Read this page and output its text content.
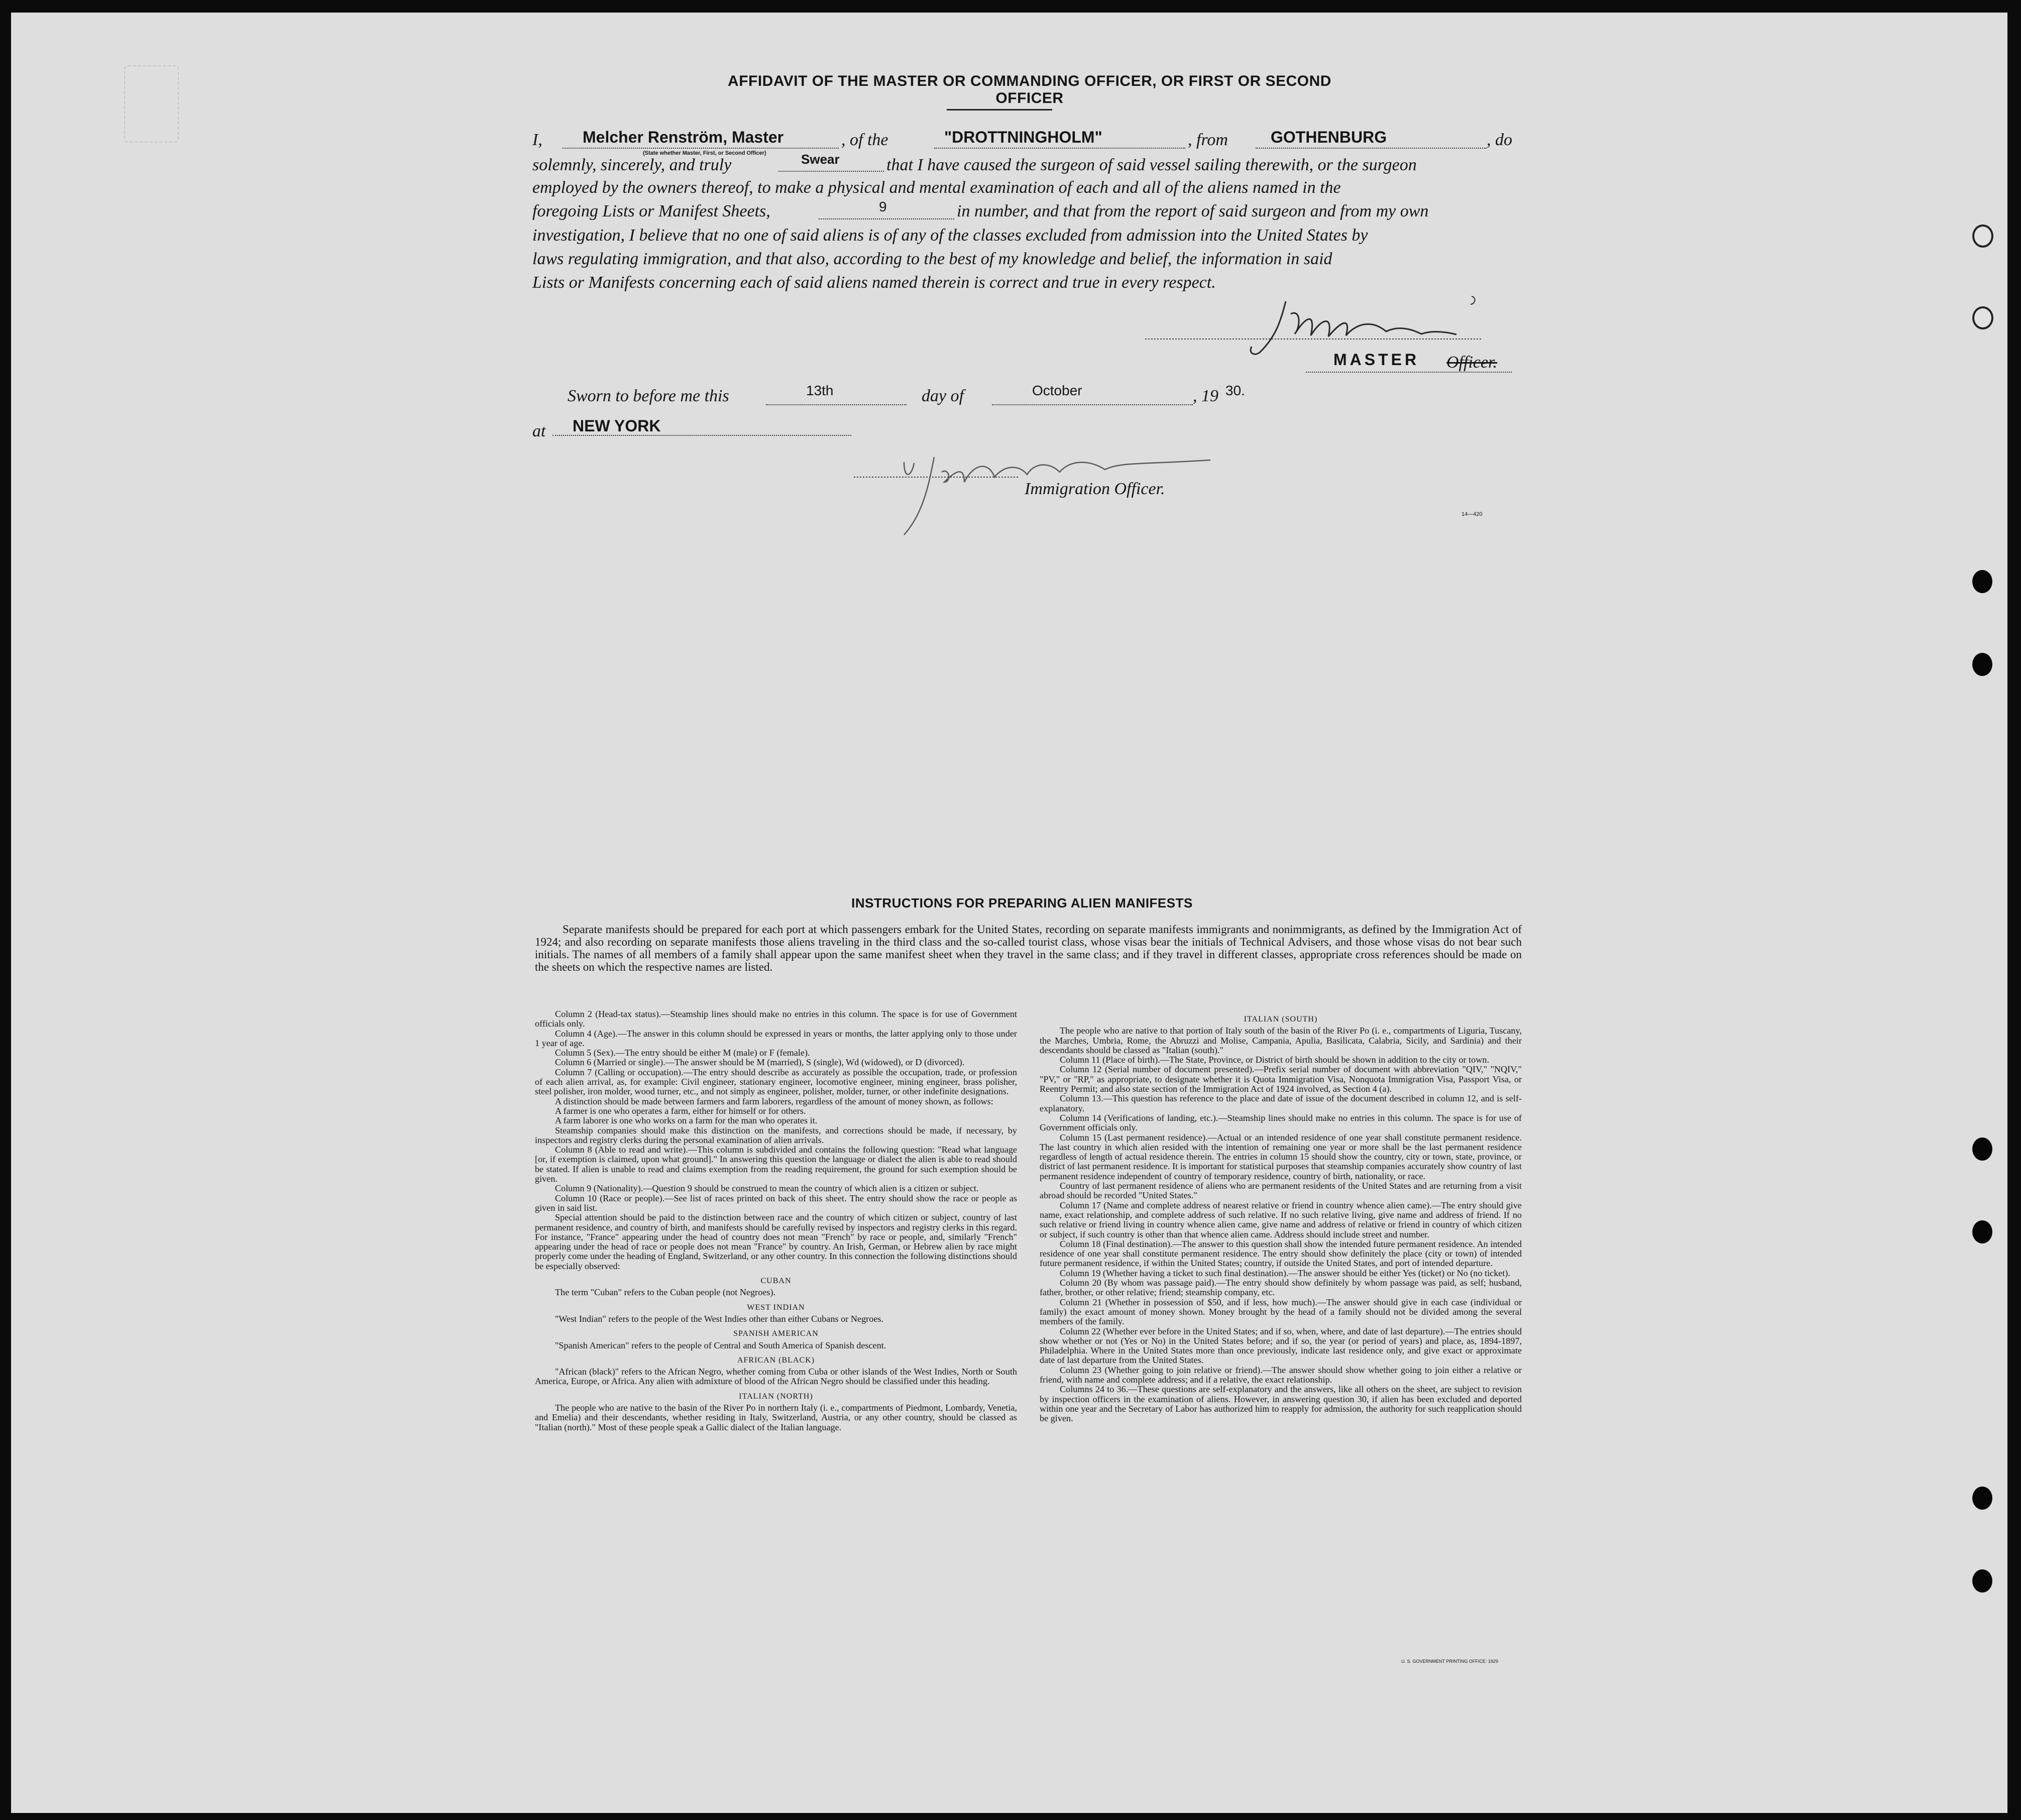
AFFIDAVIT OF THE MASTER OR COMMANDING OFFICER, OR FIRST OR SECOND OFFICER
I,	Melcher Renström, Master
(State whether Master, First, or Second Officer)
, of the	"DROTTNINGHOLM"	, from	GOTHENBURG	, do
solemnly, sincerely, and truly	Swear	that I have caused the surgeon of said vessel sailing therewith, or the surgeon
employed by the owners thereof, to make a physical and mental examination of each and all of the aliens named in the
foregoing Lists or Manifest Sheets,	9	in number, and that from the report of said surgeon and from my own
investigation, I believe that no one of said aliens is of any of the classes excluded from admission into the United States by
laws regulating immigration, and that also, according to the best of my knowledge and belief, the information in said
Lists or Manifests concerning each of said aliens named therein is correct and true in every respect.
MASTER Officer.
Sworn to before me this	13th	day of	October	, 19 30.
at NEW YORK
Immigration Officer.
14—420
INSTRUCTIONS FOR PREPARING ALIEN MANIFESTS
Separate manifests should be prepared for each port at which passengers embark for the United States, recording on separate manifests immigrants and nonimmigrants, as defined by the Immigration Act of 1924; and also recording on separate manifests those aliens traveling in the third class and the so-called tourist class, whose visas bear the initials of Technical Advisers, and those whose visas do not bear such initials. The names of all members of a family shall appear upon the same manifest sheet when they travel in the same class; and if they travel in different classes, appropriate cross references should be made on the sheets on which the respective names are listed.

Column 2 (Head-tax status).—Steamship lines should make no entries in this column. The space is for use of Government officials only.

Column 4 (Age).—The answer in this column should be expressed in years or months, the latter applying only to those under 1 year of age.

Column 5 (Sex).—The entry should be either M (male) or F (female).

Column 6 (Married or single).—The answer should be M (married), S (single), Wd (widowed), or D (divorced).

Column 7 (Calling or occupation).—The entry should describe as accurately as possible the occupation, trade, or profession of each alien arrival, as, for example: Civil engineer, stationary engineer, locomotive engineer, mining engineer, brass polisher, steel polisher, iron molder, wood turner, etc., and not simply as engineer, polisher, molder, turner, or other indefinite designations.

A distinction should be made between farmers and farm laborers, regardless of the amount of money shown, as follows:

A farmer is one who operates a farm, either for himself or for others.

A farm laborer is one who works on a farm for the man who operates it.

Steamship companies should make this distinction on the manifests, and corrections should be made, if necessary, by inspectors and registry clerks during the personal examination of alien arrivals.

Column 8 (Able to read and write).—This column is subdivided and contains the following question: "Read what language [or, if exemption is claimed, upon what ground]." In answering this question the language or dialect the alien is able to read should be stated. If alien is unable to read and claims exemption from the reading requirement, the ground for such exemption should be given.

Column 9 (Nationality).—Question 9 should be construed to mean the country of which alien is a citizen or subject.

Column 10 (Race or people).—See list of races printed on back of this sheet. The entry should show the race or people as given in said list.

Special attention should be paid to the distinction between race and the country of which citizen or subject, country of last permanent residence, and country of birth, and manifests should be carefully revised by inspectors and registry clerks in this regard. For instance, "France" appearing under the head of country does not mean "French" by race or people, and, similarly "French" appearing under the head of race or people does not mean "France" by country. An Irish, German, or Hebrew alien by race might properly come under the heading of England, Switzerland, or any other country. In this connection the following distinctions should be especially observed:

CUBAN

The term "Cuban" refers to the Cuban people (not Negroes).

WEST INDIAN

"West Indian" refers to the people of the West Indies other than either Cubans or Negroes.

SPANISH AMERICAN

"Spanish American" refers to the people of Central and South America of Spanish descent.

AFRICAN (BLACK)

"African (black)" refers to the African Negro, whether coming from Cuba or other islands of the West Indies, North or South America, Europe, or Africa. Any alien with admixture of blood of the African Negro should be classified under this heading.

ITALIAN (NORTH)

The people who are native to the basin of the River Po in northern Italy (i. e., compartments of Piedmont, Lombardy, Venetia, and Emelia) and their descendants, whether residing in Italy, Switzerland, Austria, or any other country, should be classed as "Italian (north)." Most of these people speak a Gallic dialect of the Italian language.

ITALIAN (SOUTH)

The people who are native to that portion of Italy south of the basin of the River Po (i. e., compartments of Liguria, Tuscany, the Marches, Umbria, Rome, the Abruzzi and Molise, Campania, Apulia, Basilicata, Calabria, Sicily, and Sardinia) and their descendants should be classed as "Italian (south)."

Column 11 (Place of birth).—The State, Province, or District of birth should be shown in addition to the city or town.

Column 12 (Serial number of document presented).—Prefix serial number of document with abbreviation "QIV," "NQIV," "PV," or "RP," as appropriate, to designate whether it is Quota Immigration Visa, Nonquota Immigration Visa, Passport Visa, or Reentry Permit; and also state section of the Immigration Act of 1924 involved, as Section 4 (a).

Column 13.—This question has reference to the place and date of issue of the document described in column 12, and is self-explanatory.

Column 14 (Verifications of landing, etc.).—Steamship lines should make no entries in this column. The space is for use of Government officials only.

Column 15 (Last permanent residence).—Actual or an intended residence of one year shall constitute permanent residence. The last country in which alien resided with the intention of remaining one year or more shall be the last permanent residence regardless of length of actual residence therein. The entries in column 15 should show the country, city or town, state, province, or district of last permanent residence. It is important for statistical purposes that steamship companies accurately show country of last permanent residence independent of country of temporary residence, country of birth, nationality, or race.

Country of last permanent residence of aliens who are permanent residents of the United States and are returning from a visit abroad should be recorded "United States."

Column 17 (Name and complete address of nearest relative or friend in country whence alien came).—The entry should give name, exact relationship, and complete address of such relative. If no such relative living, give name and address of friend. If no such relative or friend living in country whence alien came, give name and address of relative or friend in country of which citizen or subject, if such country is other than that whence alien came. Address should include street and number.

Column 18 (Final destination).—The answer to this question shall show the intended future permanent residence. An intended residence of one year shall constitute permanent residence. The entry should show definitely the place (city or town) of intended future permanent residence, if within the United States; country, if outside the United States, and port of intended departure.

Column 19 (Whether having a ticket to such final destination).—The answer should be either Yes (ticket) or No (no ticket).

Column 20 (By whom was passage paid).—The entry should show definitely by whom passage was paid, as self; husband, father, brother, or other relative; friend; steamship company, etc.

Column 21 (Whether in possession of $50, and if less, how much).—The answer should give in each case (individual or family) the exact amount of money shown. Money brought by the head of a family should not be divided among the several members of the family.

Column 22 (Whether ever before in the United States; and if so, when, where, and date of last departure).—The entries should show whether or not (Yes or No) in the United States before; and if so, the year (or period of years) and place, as, 1894-1897, Philadelphia. Where in the United States more than once previously, indicate last residence only, and give exact or approximate date of last departure from the United States.

Column 23 (Whether going to join relative or friend).—The answer should show whether going to join either a relative or friend, with name and complete address; and if a relative, the exact relationship.

Columns 24 to 36.—These questions are self-explanatory and the answers, like all others on the sheet, are subject to revision by inspection officers in the examination of aliens. However, in answering question 30, if alien has been excluded and deported within one year and the Secretary of Labor has authorized him to reapply for admission, the authority for such reapplication should be given.

U. S. GOVERNMENT PRINTING OFFICE: 1929
